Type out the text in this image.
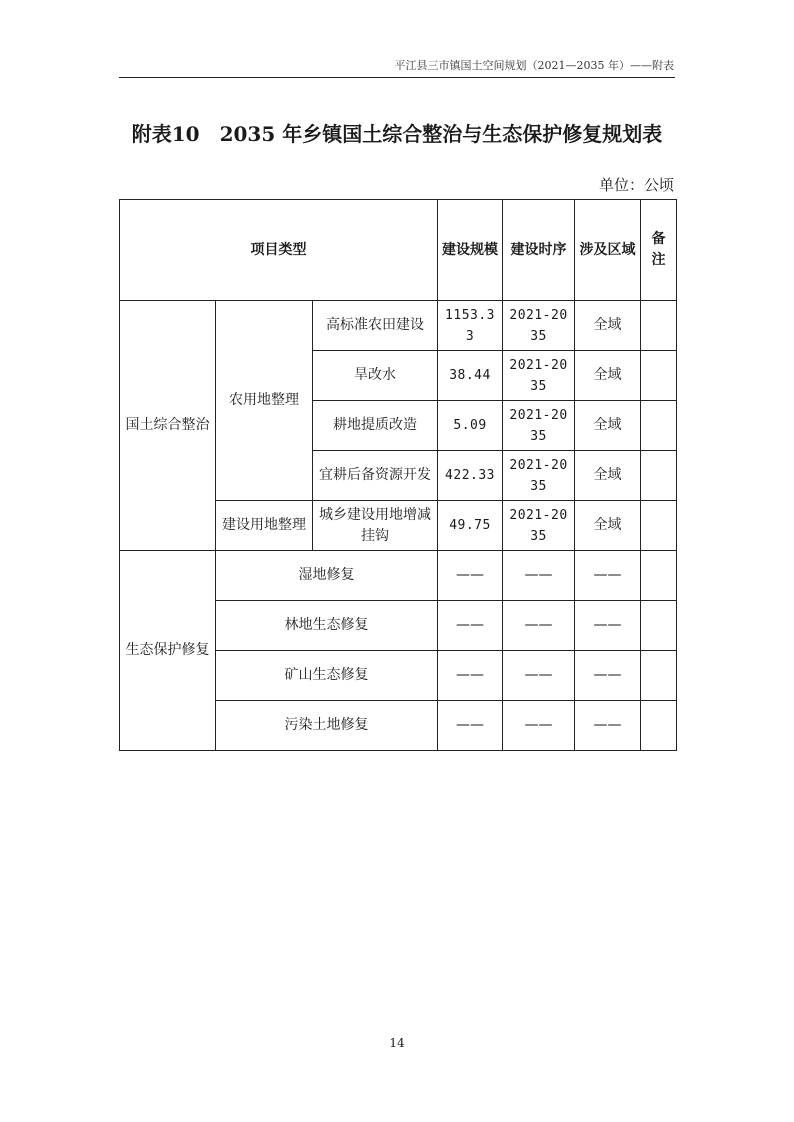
平江县三市镇国土空间规划（2021—2035 年）——附表
附表10　2035 年乡镇国土综合整治与生态保护修复规划表
单位：公顷
项目类型			建设规模	建设时序	涉及区域	备注
国土综合整治	农用地整理	高标准农田建设	1153.33	2021-2035	全域	
		旱改水	38.44	2021-2035	全域	
		耕地提质改造	5.09	2021-2035	全域	
		宜耕后备资源开发	422.33	2021-2035	全域	
	建设用地整理	城乡建设用地增减挂钩	49.75	2021-2035	全域	
生态保护修复	湿地修复		——	——	——	
	林地生态修复		——	——	——	
	矿山生态修复		——	——	——	
	污染土地修复		——	——	——	
14
